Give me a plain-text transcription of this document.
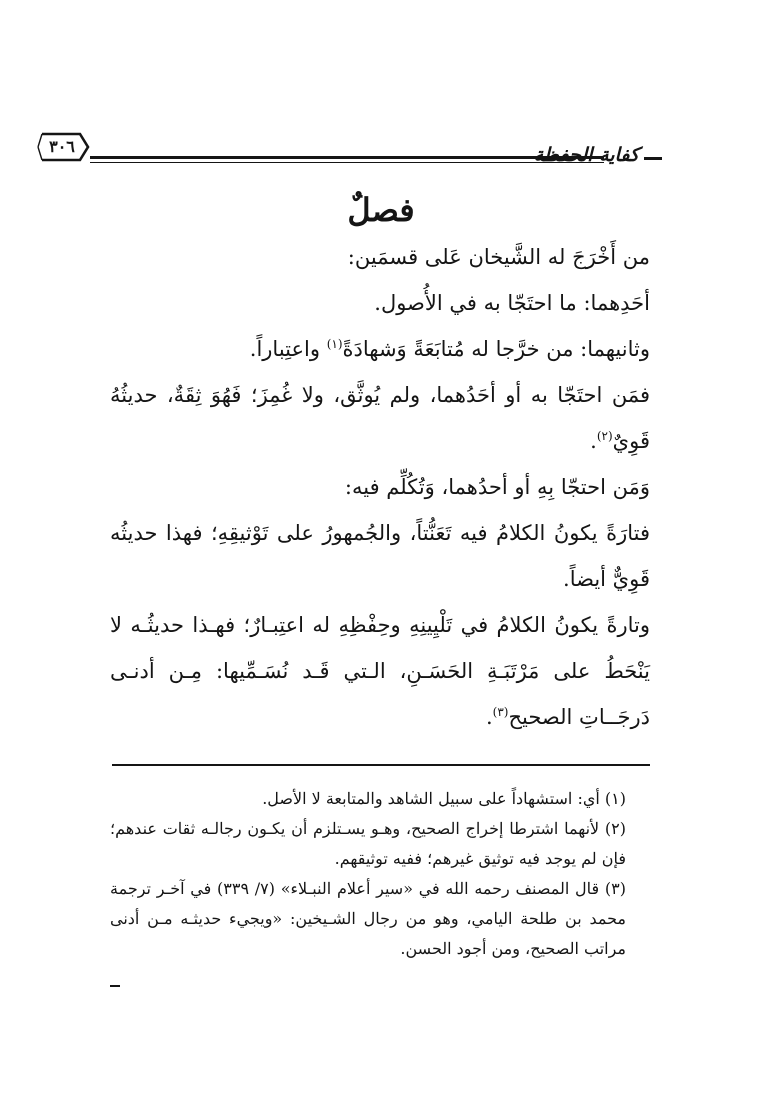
٣٠٦	كفاية الحفظة
فصلٌ

من أَخْرَجَ له الشَّيخان عَلى قسمَين:

أحَدِهما: ما احتَجّا به في الأُصول.

وثانيهما: من خرَّجا له مُتابَعَةً وَشهادَةً$^{(١)}$ واعتِباراً.

فمَن احتَجّا به أو أحَدُهما، ولم يُوثَّق، ولا غُمِزَ؛ فَهُوَ ثِقَةٌ، حديثُهُ قَوِيٌ$^{(٢)}$.

وَمَن احتجّا بِهِ أو أحدُهما، وَتُكُلِّم فيه:

فتارَةً يكونُ الكلامُ فيه تَعَنُّتاً، والجُمهورُ على تَوْثيقِهِ؛ فهذا حديثُه قَوِيٌّ أيضاً.

وتارةً يكونُ الكلامُ في تَلْيِينِهِ وحِفْظِهِ له اعتِبـارٌ؛ فهـذا حديثُـه لا يَنْحَطُ على مَرْتَبَـةِ الحَسَـنِ، الـتي قَـد نُسَـمِّيها: مِـن أدنـى دَرجَــاتِ الصحيح$^{(٣)}$.

(١) أي: استشهاداً على سبيل الشاهد والمتابعة لا الأصل.

(٢) لأنهما اشترطا إخراج الصحيح، وهـو يسـتلزم أن يكـون رجالـه ثقات عندهم؛ فإن لم يوجد فيه توثيق غيرهم؛ ففيه توثيقهم.

(٣) قال المصنف رحمه الله في «سير أعلام النبـلاء» (٧/ ٣٣٩) في آخـر ترجمة محمد بن طلحة اليامي، وهو من رجال الشـيخين: «ويجيء حديثـه مـن أدنى مراتب الصحيح، ومن أجود الحسن.
